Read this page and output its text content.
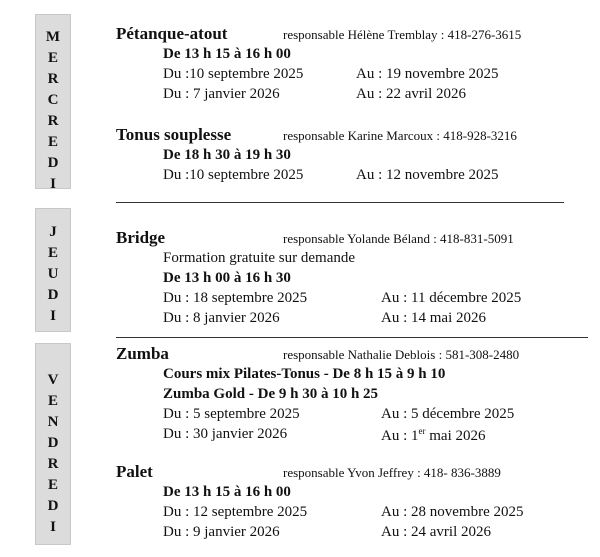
M
E
R
C
R
E
D
I
J
E
U
D
I
V
E
N
D
R
E
D
I
Pétanque-atout	responsable Hélène Tremblay : 418-276-3615
De 13 h 15 à 16 h 00
Du :10 septembre 2025	Au : 19 novembre 2025
Du : 7 janvier 2026	Au : 22 avril 2026
Tonus souplesse	responsable Karine Marcoux : 418-928-3216
De 18 h 30 à 19 h 30
Du :10 septembre 2025	Au : 12 novembre 2025
Bridge	responsable Yolande Béland : 418-831-5091
Formation gratuite sur demande
De 13 h 00 à 16 h 30
Du : 18 septembre 2025	Au : 11 décembre 2025
Du : 8 janvier 2026	Au : 14 mai 2026
Zumba	responsable Nathalie Deblois : 581-308-2480
Cours mix Pilates-Tonus - De 8 h 15 à 9 h 10
Zumba Gold - De 9 h 30 à 10 h 25
Du : 5 septembre 2025	Au : 5 décembre 2025
Du : 30 janvier 2026	Au : 1er mai 2026
Palet	responsable Yvon Jeffrey : 418- 836-3889
De 13 h 15 à 16 h 00
Du : 12 septembre 2025	Au : 28 novembre 2025
Du : 9 janvier 2026	Au : 24 avril 2026
